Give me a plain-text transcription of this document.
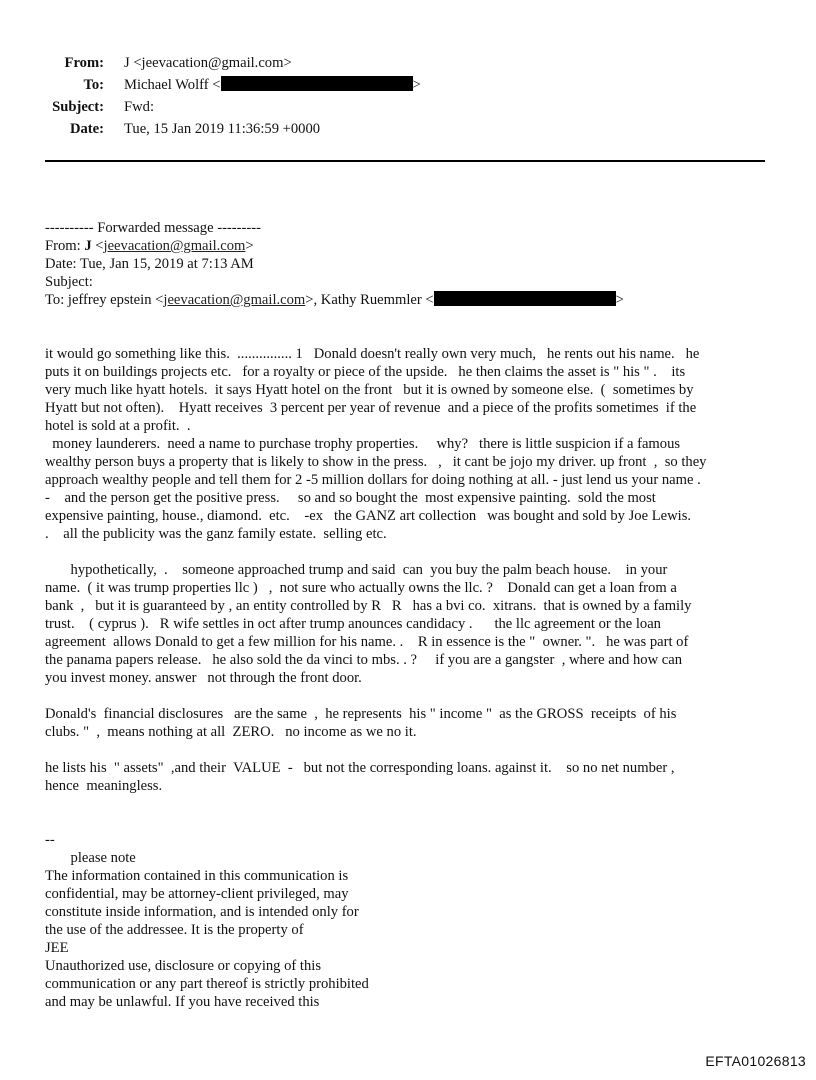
From: J <jeevacation@gmail.com>
To: Michael Wolff <	>
Subject: Fwd:
Date: Tue, 15 Jan 2019 11:36:59 +0000
---------- Forwarded message ---------
From: J <jeevacation@gmail.com>
Date: Tue, Jan 15, 2019 at 7:13 AM
Subject:
To: jeffrey epstein <jeevacation@gmail.com>, Kathy Ruemmler <	>
it would go something like this.  ............... 1   Donald doesn't really own very much,   he rents out his name.   he
puts it on buildings projects etc.   for a royalty or piece of the upside.   he then claims the asset is " his " .    its
very much like hyatt hotels.  it says Hyatt hotel on the front   but it is owned by someone else.  (  sometimes by
Hyatt but not often).    Hyatt receives  3 percent per year of revenue  and a piece of the profits sometimes  if the
hotel is sold at a profit.  .
money launderers.  need a name to purchase trophy properties.     why?   there is little suspicion if a famous
wealthy person buys a property that is likely to show in the press.   ,   it cant be jojo my driver. up front  ,  so they
approach wealthy people and tell them for 2 -5 million dollars for doing nothing at all. - just lend us your name .
-    and the person get the positive press.     so and so bought the  most expensive painting.  sold the most
expensive painting, house., diamond.  etc.    -ex   the GANZ art collection   was bought and sold by Joe Lewis.
.    all the publicity was the ganz family estate.  selling etc.
hypothetically,  .    someone approached trump and said  can  you buy the palm beach house.    in your
name.  ( it was trump properties llc )   ,  not sure who actually owns the llc. ?    Donald can get a loan from a
bank  ,   but it is guaranteed by , an entity controlled by R   R   has a bvi co.  xitrans.  that is owned by a family
trust.    ( cyprus ).   R wife settles in oct after trump anounces candidacy .      the llc agreement or the loan
agreement  allows Donald to get a few million for his name. .    R in essence is the "  owner. ".   he was part of
the panama papers release.   he also sold the da vinci to mbs. . ?     if you are a gangster  , where and how can
you invest money. answer   not through the front door.
Donald's  financial disclosures   are the same  ,  he represents  his " income "  as the GROSS  receipts  of his
clubs. "  ,  means nothing at all  ZERO.   no income as we no it.
he lists his  " assets"  ,and their  VALUE  -   but not the corresponding loans. against it.    so no net number ,
hence  meaningless.
--
please note
The information contained in this communication is
confidential, may be attorney-client privileged, may
constitute inside information, and is intended only for
the use of the addressee. It is the property of
JEE
Unauthorized use, disclosure or copying of this
communication or any part thereof is strictly prohibited
and may be unlawful. If you have received this
EFTA01026813
